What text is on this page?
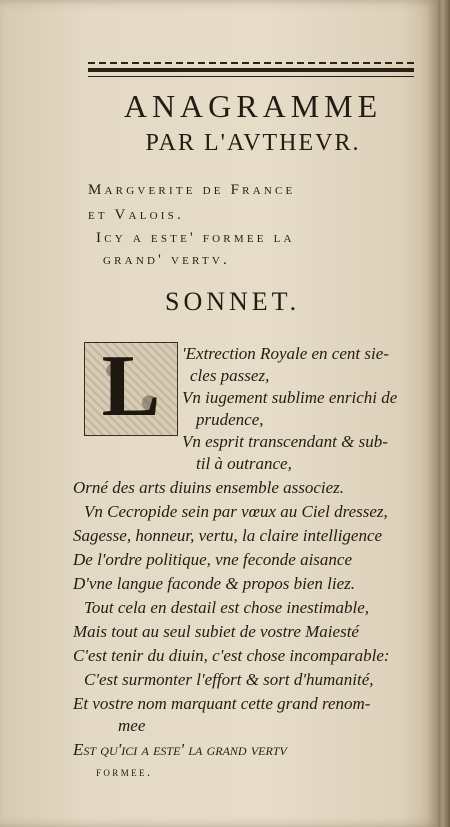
ANAGRAMME
PAR L'AVTHEVR.
Margverite de France
et Valois.
Icy a este' formee la
grand' vertv.
SONNET.
L	'Extrection Royale en cent sie-
cles passez,
Vn iugement sublime enrichi de
prudence,
Vn esprit transcendant & sub-
til à outrance,
Orné des arts diuins ensemble associez.
Vn Cecropide sein par vœux au Ciel dressez,
Sagesse, honneur, vertu, la claire intelligence
De l'ordre politique, vne feconde aisance
D'vne langue faconde & propos bien liez.
Tout cela en destail est chose inestimable,
Mais tout au seul subiet de vostre Maiesté
C'est tenir du diuin, c'est chose incomparable:
C'est surmonter l'effort & sort d'humanité,
Et vostre nom marquant cette grand renom-
mee
Est qu'ici a este' la grand vertv
formee.
